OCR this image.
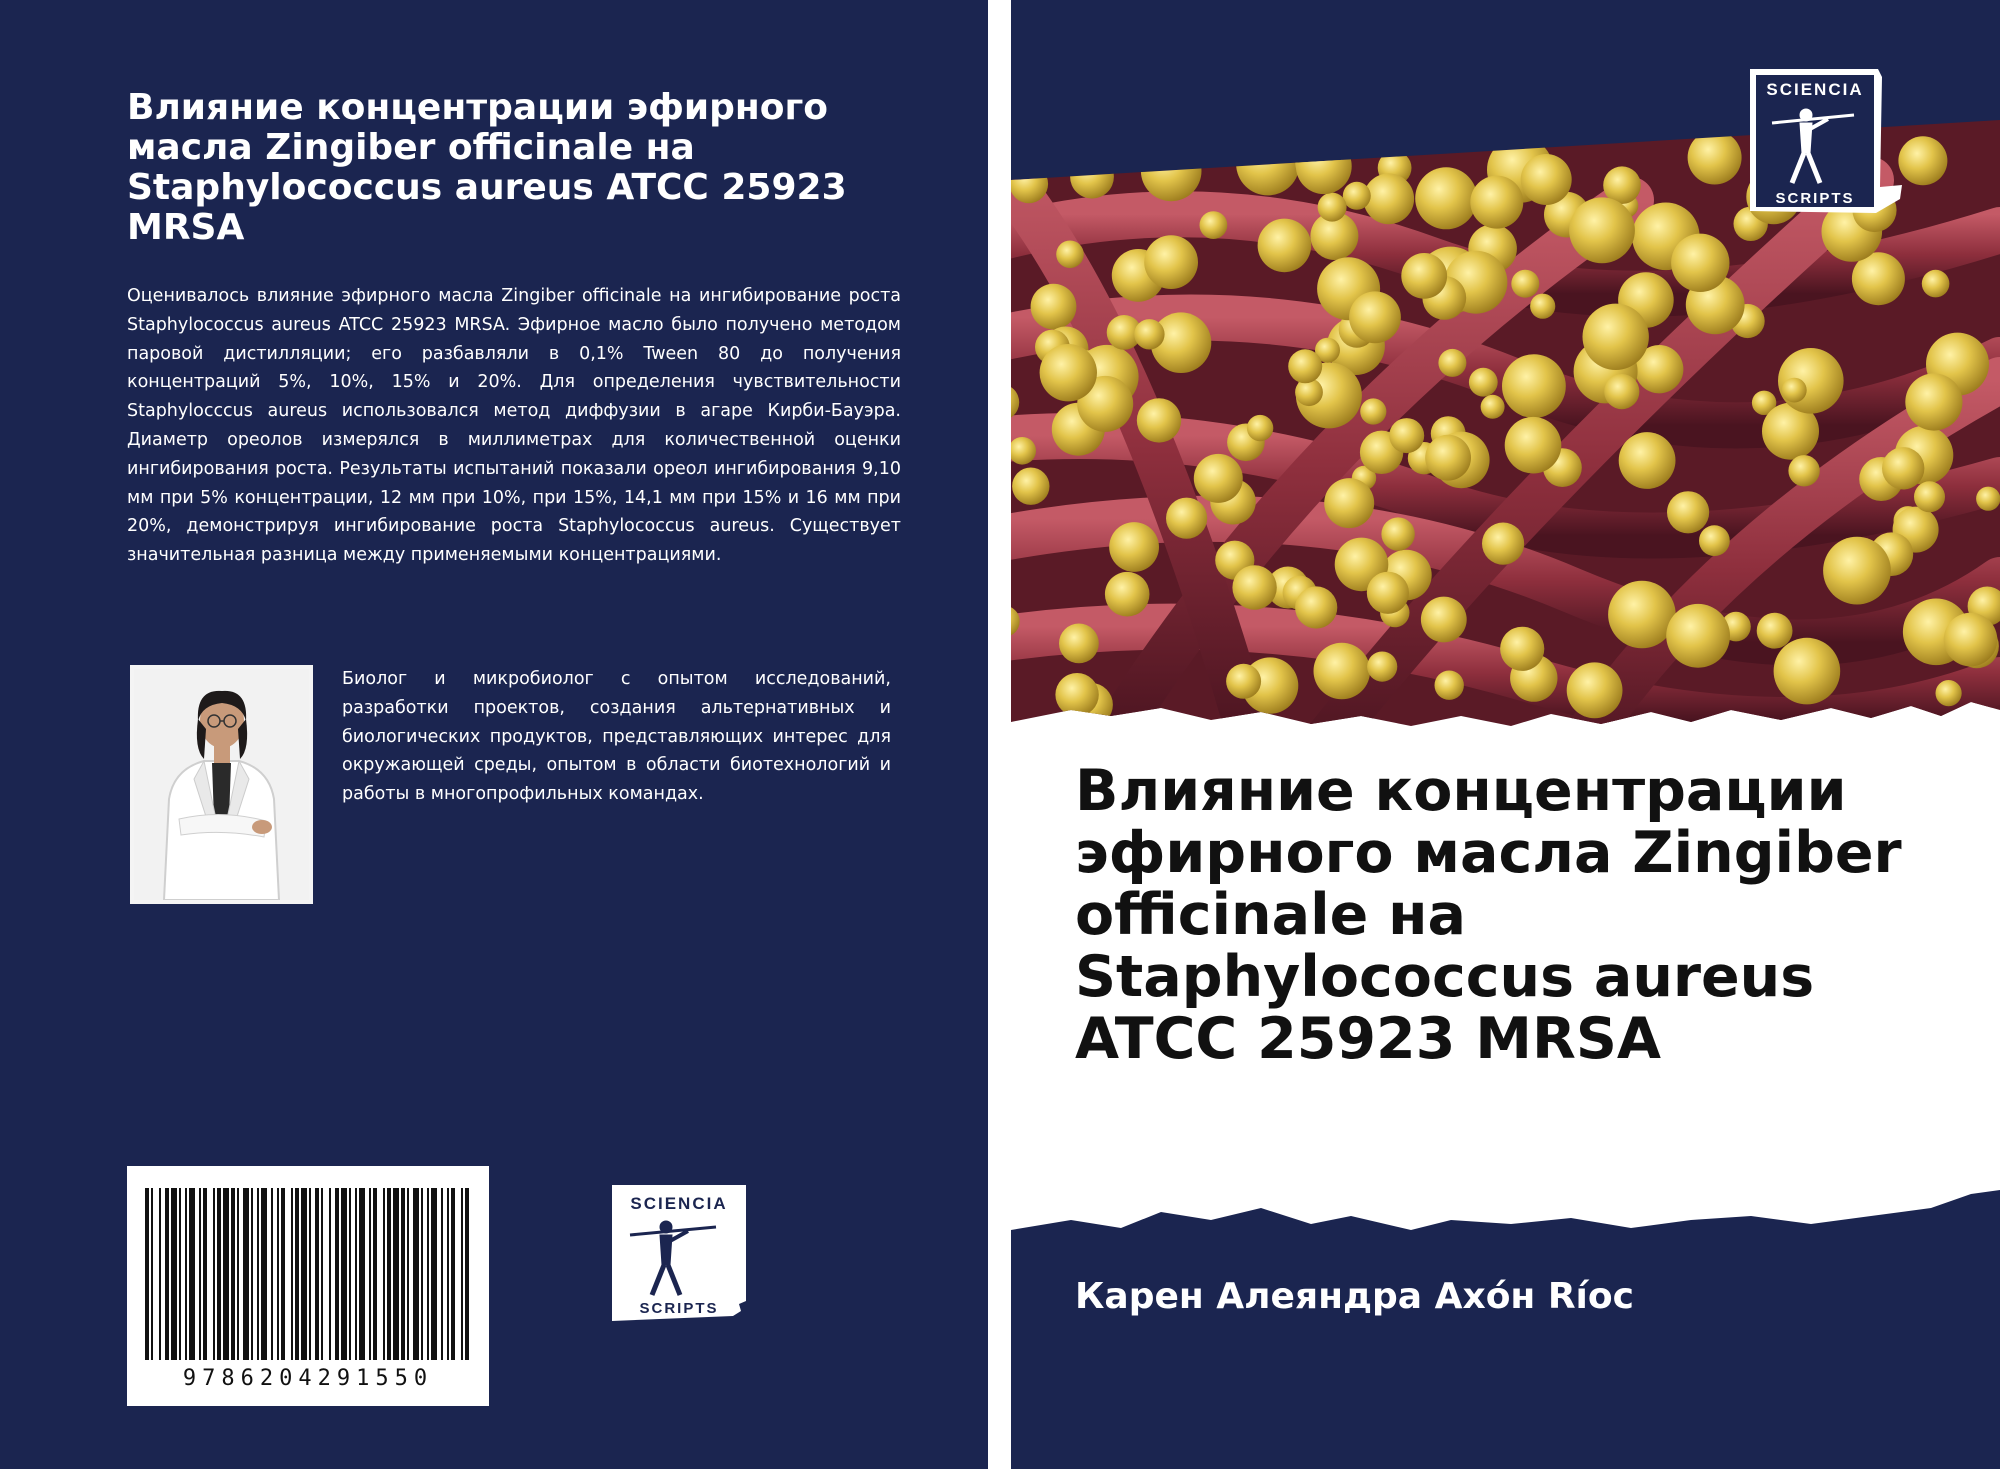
Влияние концентрации эфирного масла Zingiber officinale на Staphylococcus aureus ATCC 25923 MRSA

Оценивалось влияние эфирного масла Zingiber officinale на ингибирование роста Staphylococcus aureus ATCC 25923 MRSA. Эфирное масло было получено методом паровой дистилляции; его разбавляли в 0,1% Tween 80 до получения концентраций 5%, 10%, 15% и 20%. Для определения чувствительности Staphylocccus aureus использовался метод диффузии в агаре Кирби-Бауэра. Диаметр ореолов измерялся в миллиметрах для количественной оценки ингибирования роста. Результаты испытаний показали ореол ингибирования 9,10 мм при 5% концентрации, 12 мм при 10%, при 15%, 14,1 мм при 15% и 16 мм при 20%, демонстрируя ингибирование роста Staphylococcus aureus. Существует значительная разница между применяемыми концентрациями.

Биолог и микробиолог с опытом исследований, разработки проектов, создания альтернативных и биологических продуктов, представляющих интерес для окружающей среды, опытом в области биотехнологий и работы в многопрофильных командах.

9786204291550
SCIENCIA
SCRIPTS
SCIENCIA
SCRIPTS
Влияние концентрации эфирного масла Zingiber officinale на Staphylococcus aureus ATCC 25923 MRSA

Карен Алеяндра Ахóн Ríос
